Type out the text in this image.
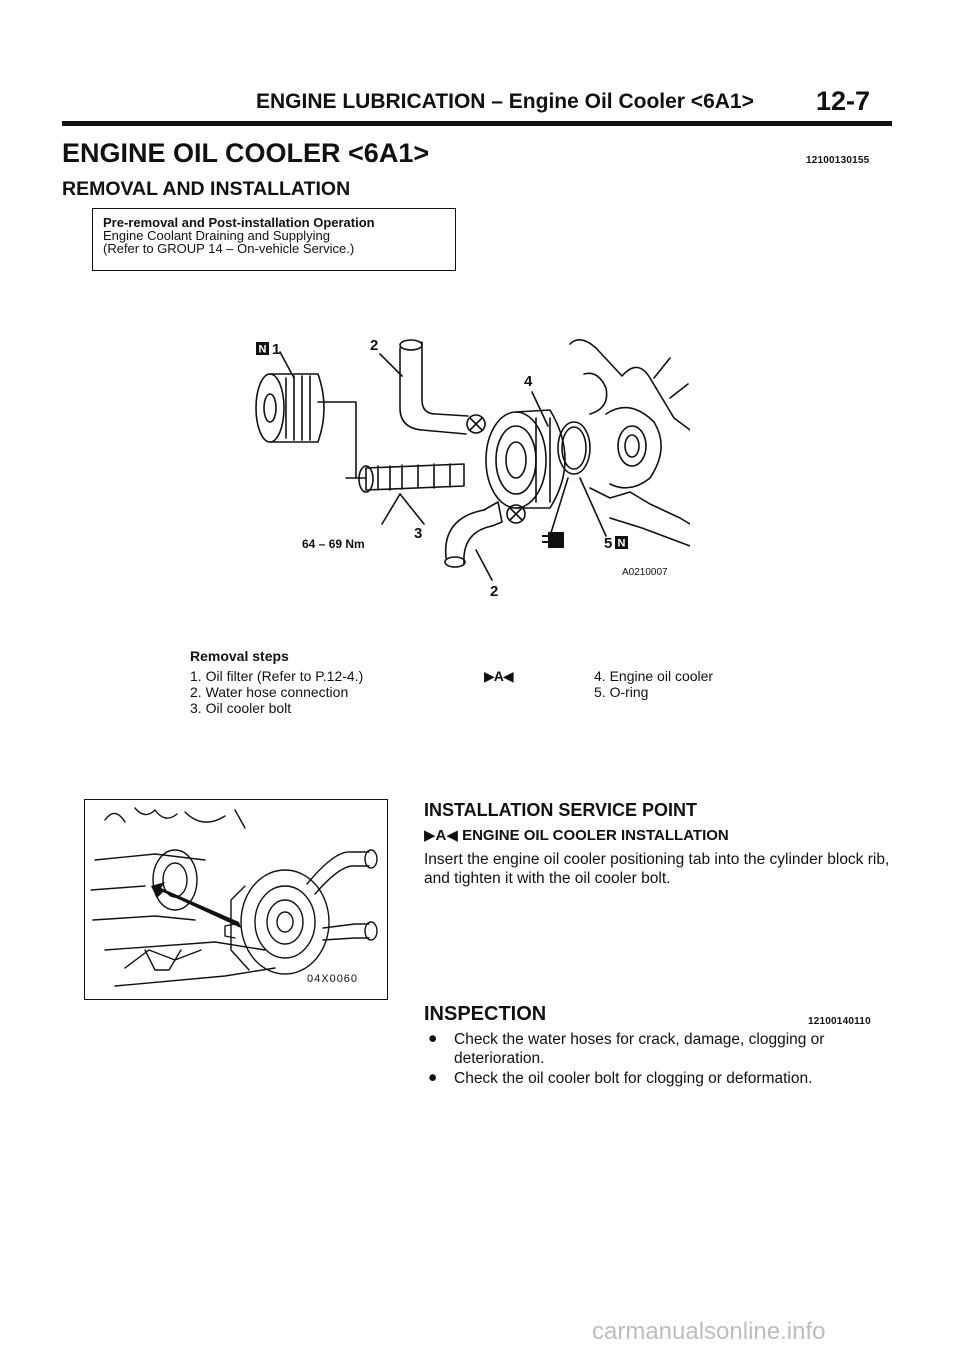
ENGINE LUBRICATION – Engine Oil Cooler <6A1> 12-7
ENGINE OIL COOLER <6A1>	12100130155
REMOVAL AND INSTALLATION
Pre-removal and Post-installation Operation
Engine Coolant Draining and Supplying
(Refer to GROUP 14 – On-vehicle Service.)
N
N
1	2
3
4
5
2
64 – 69 Nm
A0210007
Removal steps
1. Oil filter (Refer to P.12-4.)
2. Water hose connection
3. Oil cooler bolt
▶A◀	4. Engine oil cooler
5. O-ring
04X0060
INSTALLATION SERVICE POINT
▶A◀ ENGINE OIL COOLER INSTALLATION
Insert the engine oil cooler positioning tab into the cylinder block rib, and tighten it with the oil cooler bolt.
INSPECTION	12100140110
● Check the water hoses for crack, damage, clogging or deterioration.
● Check the oil cooler bolt for clogging or deformation.
carmanualsonline.info
